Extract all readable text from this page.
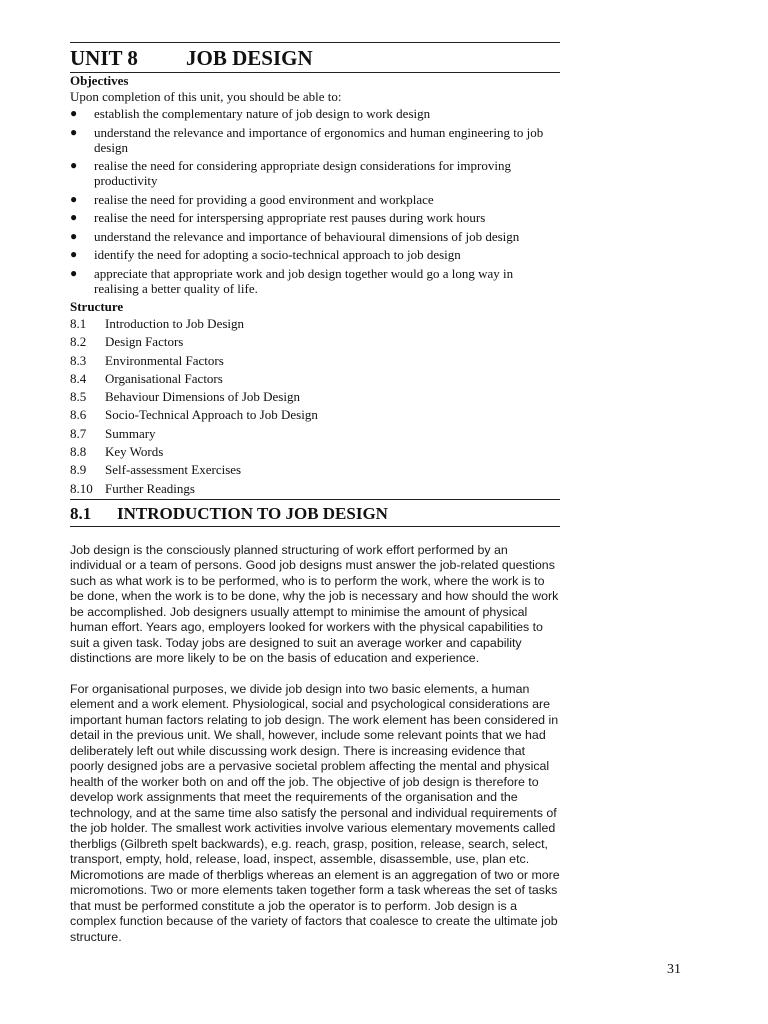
UNIT 8	JOB DESIGN
Objectives
Upon completion of this unit, you should be able to:
●	establish the complementary nature of job design to work design
●	understand the relevance and importance of ergonomics and human engineering to job design
●	realise the need for considering appropriate design considerations for improving productivity
●	realise the need for providing a good environment and workplace
●	realise the need for interspersing appropriate rest pauses during work hours
●	understand the relevance and importance of behavioural dimensions of job design
●	identify the need for adopting a socio-technical approach to job design
●	appreciate that appropriate work and job design together would go a long way in realising a better quality of life.
Structure
8.1	Introduction to Job Design
8.2	Design Factors
8.3	Environmental Factors
8.4	Organisational Factors
8.5	Behaviour Dimensions of Job Design
8.6	Socio-Technical Approach to Job Design
8.7	Summary
8.8	Key Words
8.9	Self-assessment Exercises
8.10 Further Readings
8.1	INTRODUCTION TO JOB DESIGN

Job design is the consciously planned structuring of work effort performed by an individual or a team of persons. Good job designs must answer the job-related questions such as what work is to be performed, who is to perform the work, where the work is to be done, when the work is to be done, why the job is necessary and how should the work be accomplished. Job designers usually attempt to minimise the amount of physical human effort. Years ago, employers looked for workers with the physical capabilities to suit a given task. Today jobs are designed to suit an average worker and capability distinctions are more likely to be on the basis of education and experience.

For organisational purposes, we divide job design into two basic elements, a human element and a work element. Physiological, social and psychological considerations are important human factors relating to job design. The work element has been considered in detail in the previous unit. We shall, however, include some relevant points that we had deliberately left out while discussing work design. There is increasing evidence that poorly designed jobs are a pervasive societal problem affecting the mental and physical health of the worker both on and off the job. The objective of job design is therefore to develop work assignments that meet the requirements of the organisation and the technology, and at the same time also satisfy the personal and individual requirements of the job holder. The smallest work activities involve various elementary movements called therbligs (Gilbreth spelt backwards), e.g. reach, grasp, position, release, search, select, transport, empty, hold, release, load, inspect, assemble, disassemble, use, plan etc. Micromotions are made of therbligs whereas an element is an aggregation of two or more micromotions. Two or more elements taken together form a task whereas the set of tasks that must be performed constitute a job the operator is to perform. Job design is a complex function because of the variety of factors that coalesce to create the ultimate job structure.

31
